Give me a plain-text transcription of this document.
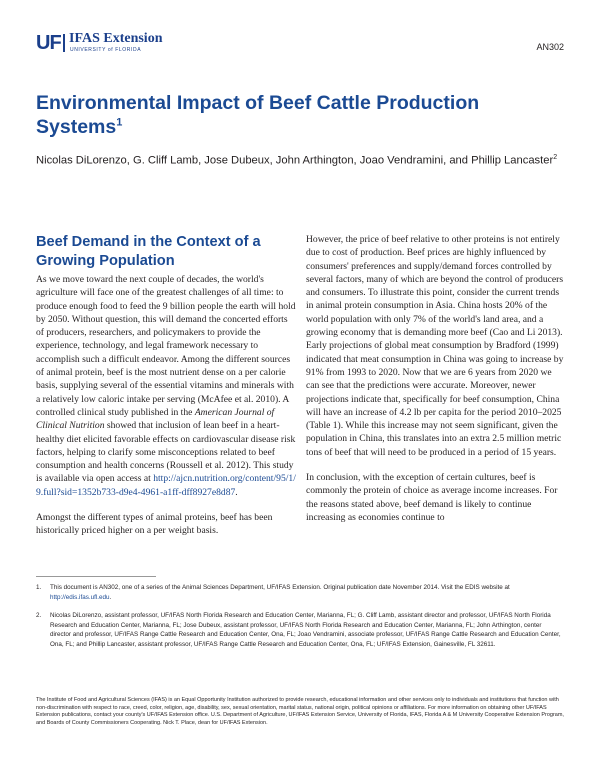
UF IFAS Extension
UNIVERSITY of FLORIDA	AN302
Environmental Impact of Beef Cattle Production Systems$^1$
Nicolas DiLorenzo, G. Cliff Lamb, Jose Dubeux, John Arthington, Joao Vendramini, and Phillip Lancaster$^2$
Beef Demand in the Context of a Growing Population

As we move toward the next couple of decades, the world's agriculture will face one of the greatest challenges of all time: to produce enough food to feed the 9 billion people the earth will hold by 2050. Without question, this will demand the concerted efforts of producers, researchers, and policymakers to provide the experience, technology, and legal framework necessary to accomplish such a difficult endeavor. Among the different sources of animal protein, beef is the most nutrient dense on a per calorie basis, supplying several of the essential vitamins and minerals with a relatively low caloric intake per serving (McAfee et al. 2010). A controlled clinical study published in the American Journal of Clinical Nutrition showed that inclusion of lean beef in a heart-healthy diet elicited favorable effects on cardiovascular disease risk factors, helping to clarify some misconceptions related to beef consumption and health concerns (Roussell et al. 2012). This study is available via open access at http://ajcn.nutrition.org/content/95/1/9.full?sid=1352b733-d9e4-4961-a1ff-dff8927e8d87.

Amongst the different types of animal proteins, beef has been historically priced higher on a per weight basis.

However, the price of beef relative to other proteins is not entirely due to cost of production. Beef prices are highly influenced by consumers' preferences and supply/demand forces controlled by several factors, many of which are beyond the control of producers and consumers. To illustrate this point, consider the current trends in animal protein consumption in Asia. China hosts 20% of the world population with only 7% of the world's land area, and a growing economy that is demanding more beef (Cao and Li 2013). Early projections of global meat consumption by Bradford (1999) indicated that meat consumption in China was going to increase by 91% from 1993 to 2020. Now that we are 6 years from 2020 we can see that the predictions were accurate. Moreover, newer projections indicate that, specifically for beef consumption, China will have an increase of 4.2 lb per capita for the period 2010–2025 (Table 1). While this increase may not seem significant, given the population in China, this translates into an extra 2.5 million metric tons of beef that will need to be produced in a period of 15 years.

In conclusion, with the exception of certain cultures, beef is commonly the protein of choice as average income increases. For the reasons stated above, beef demand is likely to continue increasing as economies continue to

1. This document is AN302, one of a series of the Animal Sciences Department, UF/IFAS Extension. Original publication date November 2014. Visit the EDIS website at http://edis.ifas.ufl.edu.
2. Nicolas DiLorenzo, assistant professor, UF/IFAS North Florida Research and Education Center, Marianna, FL; G. Cliff Lamb, assistant director and professor, UF/IFAS North Florida Research and Education Center, Marianna, FL; Jose Dubeux, assistant professor, UF/IFAS North Florida Research and Education Center, Marianna, FL; John Arthington, center director and professor, UF/IFAS Range Cattle Research and Education Center, Ona, FL; Joao Vendramini, associate professor, UF/IFAS Range Cattle Research and Education Center, Ona, FL; and Phillip Lancaster, assistant professor, UF/IFAS Range Cattle Research and Education Center, Ona, FL; UF/IFAS Extension, Gainesville, FL 32611.
The Institute of Food and Agricultural Sciences (IFAS) is an Equal Opportunity Institution authorized to provide research, educational information and other services only to individuals and institutions that function with non-discrimination with respect to race, creed, color, religion, age, disability, sex, sexual orientation, marital status, national origin, political opinions or affiliations. For more information on obtaining other UF/IFAS Extension publications, contact your county's UF/IFAS Extension office. U.S. Department of Agriculture, UF/IFAS Extension Service, University of Florida, IFAS, Florida A & M University Cooperative Extension Program, and Boards of County Commissioners Cooperating. Nick T. Place, dean for UF/IFAS Extension.
